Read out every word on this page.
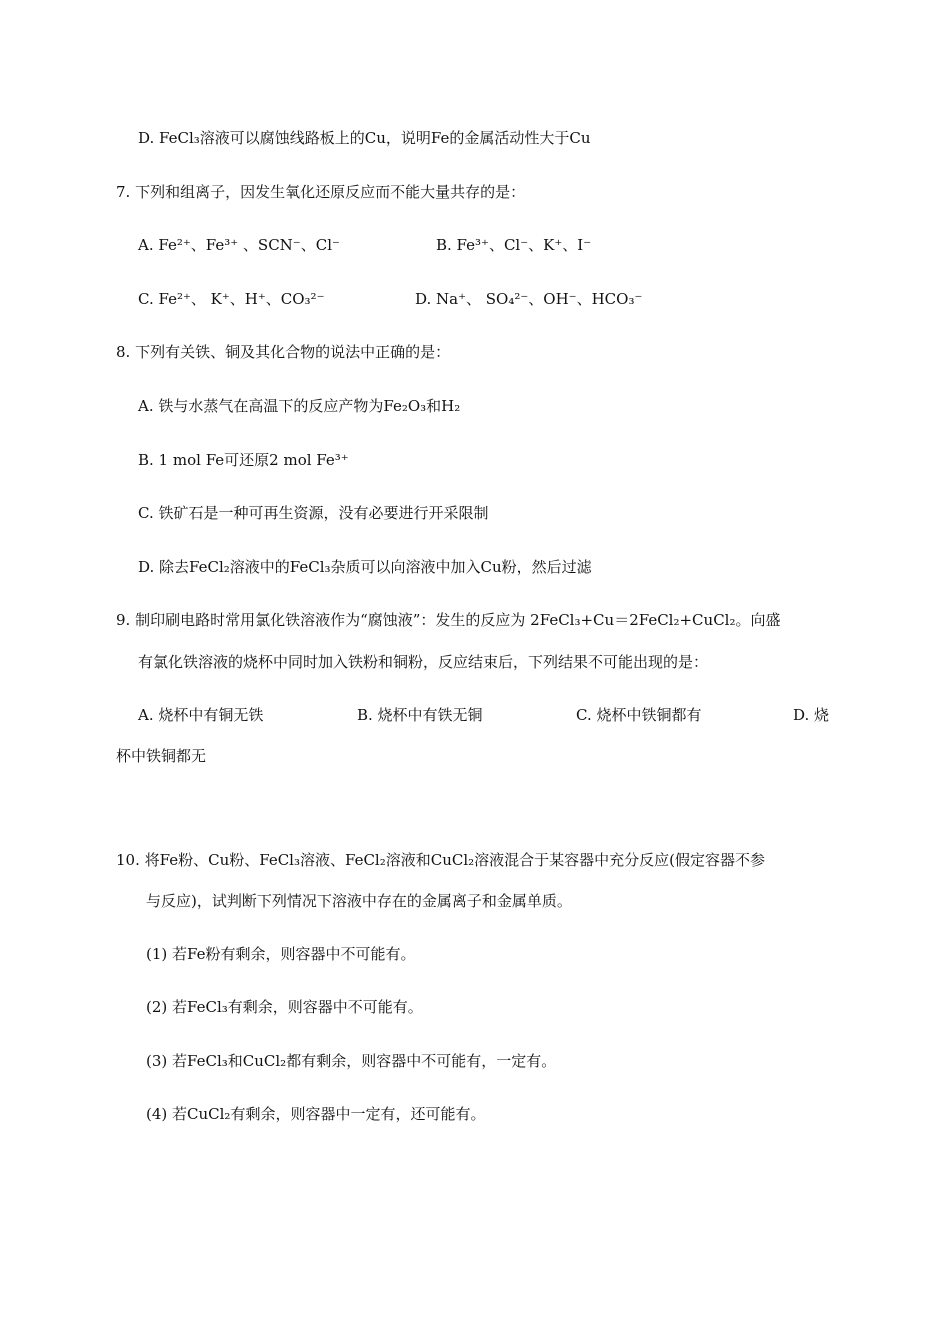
D. FeCl₃溶液可以腐蚀线路板上的Cu，说明Fe的金属活动性大于Cu
7. 下列和组离子，因发生氧化还原反应而不能大量共存的是：
A. Fe²⁺、Fe³⁺ 、SCN⁻、Cl⁻	B. Fe³⁺、Cl⁻、K⁺、I⁻
C. Fe²⁺、 K⁺、H⁺、CO₃²⁻	D. Na⁺、 SO₄²⁻、OH⁻、HCO₃⁻
8. 下列有关铁、铜及其化合物的说法中正确的是：
A. 铁与水蒸气在高温下的反应产物为Fe₂O₃和H₂
B. 1 mol Fe可还原2 mol Fe³⁺
C. 铁矿石是一种可再生资源，没有必要进行开采限制
D. 除去FeCl₂溶液中的FeCl₃杂质可以向溶液中加入Cu粉，然后过滤
9. 制印刷电路时常用氯化铁溶液作为“腐蚀液”：发生的反应为 2FeCl₃+Cu＝2FeCl₂+CuCl₂。向盛
有氯化铁溶液的烧杯中同时加入铁粉和铜粉，反应结束后，下列结果不可能出现的是：
A. 烧杯中有铜无铁	B. 烧杯中有铁无铜	C. 烧杯中铁铜都有	D. 烧
杯中铁铜都无
10. 将Fe粉、Cu粉、FeCl₃溶液、FeCl₂溶液和CuCl₂溶液混合于某容器中充分反应(假定容器不参
与反应)，试判断下列情况下溶液中存在的金属离子和金属单质。
(1) 若Fe粉有剩余，则容器中不可能有。
(2) 若FeCl₃有剩余，则容器中不可能有。
(3) 若FeCl₃和CuCl₂都有剩余，则容器中不可能有，一定有。
(4) 若CuCl₂有剩余，则容器中一定有，还可能有。
